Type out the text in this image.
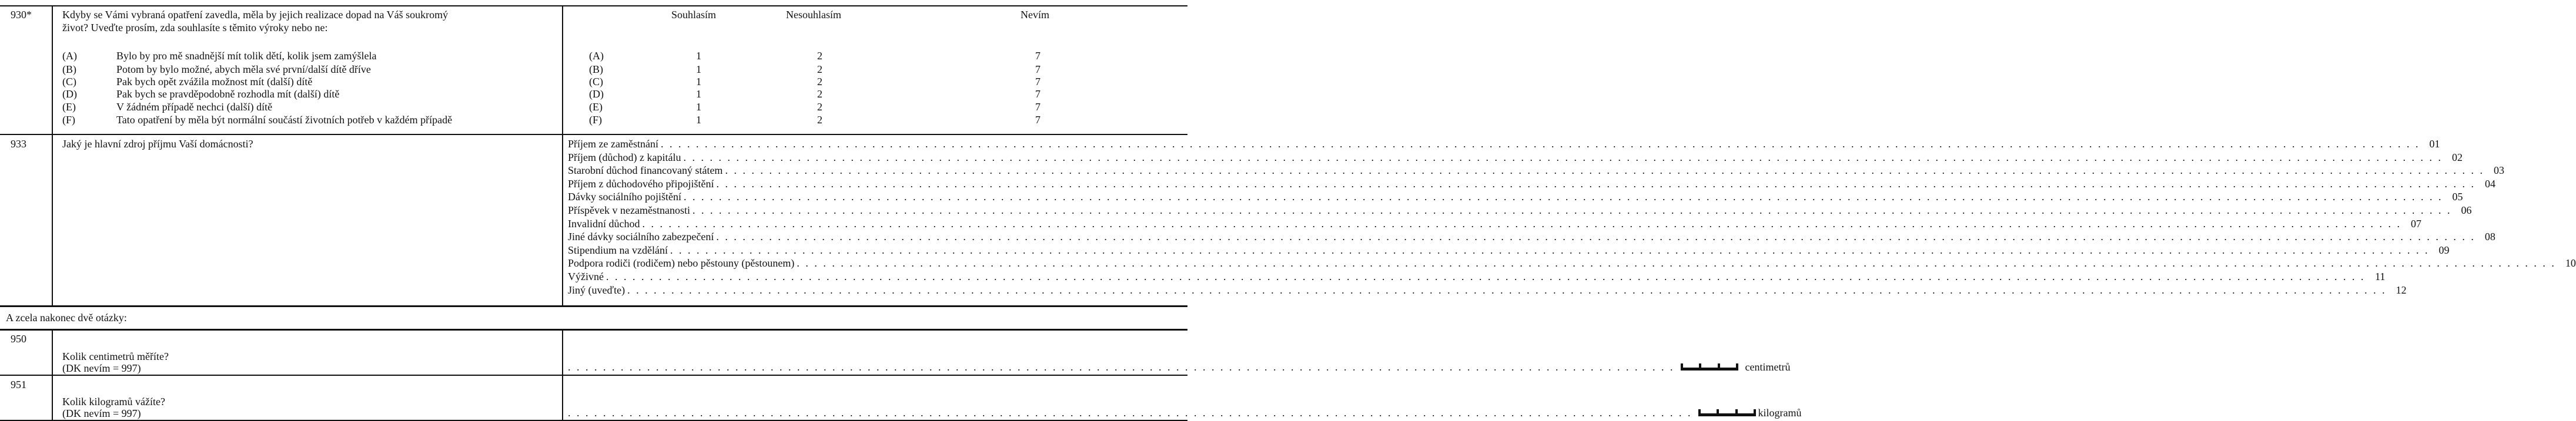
930*	Kdyby se Vámi vybraná opatření zavedla, měla by jejich realizace dopad na Váš soukromý
život? Uveďte prosím, zda souhlasíte s těmito výroky nebo ne:
Souhlasím	Nesouhlasím	Nevím
(A)	Bylo by pro mě snadnější mít tolik dětí, kolik jsem zamýšlela	(A)	1	2	7
(B)	Potom by bylo možné, abych měla své první/další dítě dříve	(B)	1	2	7
(C)	Pak bych opět zvážila možnost mít (další) dítě	(C)	1	2	7
(D)	Pak bych se pravděpodobně rozhodla mít (další) dítě	(D)	1	2	7
(E)	V žádném případě nechci (další) dítě	(E)	1	2	7
(F)	Tato opatření by měla být normální součástí životních potřeb v každém případě	(F)	1	2	7
933	Jaký je hlavní zdroj příjmu Vaší domácnosti?	Příjem ze zaměstnání . . . . . . . . . . . . . . . . . . . . . . . . . . . . . . . . . . . . . . . . . . . . . . . . . . . . . . . . . . . . . . . . . . . . . . . . . . . . . . . . . . . . . . . . . . . . . . . . . . . . . . . . . . . . . . . . . . . . . . . . . . . . . . . . . . . . . . . . . . . . . . . . . . . . . . . . . . . . . . . . . . . . . . . . . . . . . . . . . . . . . . . . . . . . . . . . . . . . . . . . 01
Příjem (důchod) z kapitálu . . . . . . . . . . . . . . . . . . . . . . . . . . . . . . . . . . . . . . . . . . . . . . . . . . . . . . . . . . . . . . . . . . . . . . . . . . . . . . . . . . . . . . . . . . . . . . . . . . . . . . . . . . . . . . . . . . . . . . . . . . . . . . . . . . . . . . . . . . . . . . . . . . . . . . . . . . . . . . . . . . . . . . . . . . . . . . . . . . . . . . . . . . . . . . . . . . . . . . . . 02
Starobní důchod financovaný státem . . . . . . . . . . . . . . . . . . . . . . . . . . . . . . . . . . . . . . . . . . . . . . . . . . . . . . . . . . . . . . . . . . . . . . . . . . . . . . . . . . . . . . . . . . . . . . . . . . . . . . . . . . . . . . . . . . . . . . . . . . . . . . . . . . . . . . . . . . . . . . . . . . . . . . . . . . . . . . . . . . . . . . . . . . . . . . . . . . . . . . . . . . . . . . . . . . . . . . . . 03
Příjem z důchodového připojištění . . . . . . . . . . . . . . . . . . . . . . . . . . . . . . . . . . . . . . . . . . . . . . . . . . . . . . . . . . . . . . . . . . . . . . . . . . . . . . . . . . . . . . . . . . . . . . . . . . . . . . . . . . . . . . . . . . . . . . . . . . . . . . . . . . . . . . . . . . . . . . . . . . . . . . . . . . . . . . . . . . . . . . . . . . . . . . . . . . . . . . . . . . . . . . . . . . . . . . . . 04
Dávky sociálního pojištění . . . . . . . . . . . . . . . . . . . . . . . . . . . . . . . . . . . . . . . . . . . . . . . . . . . . . . . . . . . . . . . . . . . . . . . . . . . . . . . . . . . . . . . . . . . . . . . . . . . . . . . . . . . . . . . . . . . . . . . . . . . . . . . . . . . . . . . . . . . . . . . . . . . . . . . . . . . . . . . . . . . . . . . . . . . . . . . . . . . . . . . . . . . . . . . . . . . . . . . . 05
Příspěvek v nezaměstnanosti . . . . . . . . . . . . . . . . . . . . . . . . . . . . . . . . . . . . . . . . . . . . . . . . . . . . . . . . . . . . . . . . . . . . . . . . . . . . . . . . . . . . . . . . . . . . . . . . . . . . . . . . . . . . . . . . . . . . . . . . . . . . . . . . . . . . . . . . . . . . . . . . . . . . . . . . . . . . . . . . . . . . . . . . . . . . . . . . . . . . . . . . . . . . . . . . . . . . . . . . 06
Invalidní důchod . . . . . . . . . . . . . . . . . . . . . . . . . . . . . . . . . . . . . . . . . . . . . . . . . . . . . . . . . . . . . . . . . . . . . . . . . . . . . . . . . . . . . . . . . . . . . . . . . . . . . . . . . . . . . . . . . . . . . . . . . . . . . . . . . . . . . . . . . . . . . . . . . . . . . . . . . . . . . . . . . . . . . . . . . . . . . . . . . . . . . . . . . . . . . . . . . . . . . . . . 07
Jiné dávky sociálního zabezpečení . . . . . . . . . . . . . . . . . . . . . . . . . . . . . . . . . . . . . . . . . . . . . . . . . . . . . . . . . . . . . . . . . . . . . . . . . . . . . . . . . . . . . . . . . . . . . . . . . . . . . . . . . . . . . . . . . . . . . . . . . . . . . . . . . . . . . . . . . . . . . . . . . . . . . . . . . . . . . . . . . . . . . . . . . . . . . . . . . . . . . . . . . . . . . . . . . . . . . . . . 08
Stipendium na vzdělání . . . . . . . . . . . . . . . . . . . . . . . . . . . . . . . . . . . . . . . . . . . . . . . . . . . . . . . . . . . . . . . . . . . . . . . . . . . . . . . . . . . . . . . . . . . . . . . . . . . . . . . . . . . . . . . . . . . . . . . . . . . . . . . . . . . . . . . . . . . . . . . . . . . . . . . . . . . . . . . . . . . . . . . . . . . . . . . . . . . . . . . . . . . . . . . . . . . . . . . . 09
Podpora rodiči (rodičem) nebo pěstouny (pěstounem) . . . . . . . . . . . . . . . . . . . . . . . . . . . . . . . . . . . . . . . . . . . . . . . . . . . . . . . . . . . . . . . . . . . . . . . . . . . . . . . . . . . . . . . . . . . . . . . . . . . . . . . . . . . . . . . . . . . . . . . . . . . . . . . . . . . . . . . . . . . . . . . . . . . . . . . . . . . . . . . . . . . . . . . . . . . . . . . . . . . . . . . . . . . . . . . . . . . . . . . . 10
Výživné . . . . . . . . . . . . . . . . . . . . . . . . . . . . . . . . . . . . . . . . . . . . . . . . . . . . . . . . . . . . . . . . . . . . . . . . . . . . . . . . . . . . . . . . . . . . . . . . . . . . . . . . . . . . . . . . . . . . . . . . . . . . . . . . . . . . . . . . . . . . . . . . . . . . . . . . . . . . . . . . . . . . . . . . . . . . . . . . . . . . . . . . . . . . . . . . . . . . . . . . 11
Jiný (uveďte) . . . . . . . . . . . . . . . . . . . . . . . . . . . . . . . . . . . . . . . . . . . . . . . . . . . . . . . . . . . . . . . . . . . . . . . . . . . . . . . . . . . . . . . . . . . . . . . . . . . . . . . . . . . . . . . . . . . . . . . . . . . . . . . . . . . . . . . . . . . . . . . . . . . . . . . . . . . . . . . . . . . . . . . . . . . . . . . . . . . . . . . . . . . . . . . . . . . . . . . . 12
A zcela nakonec dvě otázky:
950
Kolik centimetrů měříte?
(DK nevím = 997)	. . . . . . . . . . . . . . . . . . . . . . . . . . . . . . . . . . . . . . . . . . . . . . . . . . . . . . . . . . . . . . . . . . . . . . . . . . . . . . . . . . . . . . . . . . . . . . . . . . . . . . . . . . . . . . . . . . . . . . . . . . . . . .	centimetrů
951
Kolik kilogramů vážíte?
(DK nevím = 997)	. . . . . . . . . . . . . . . . . . . . . . . . . . . . . . . . . . . . . . . . . . . . . . . . . . . . . . . . . . . . . . . . . . . . . . . . . . . . . . . . . . . . . . . . . . . . . . . . . . . . . . . . . . . . . . . . . . . . . . . . . . . . . . . .	kilogramů
